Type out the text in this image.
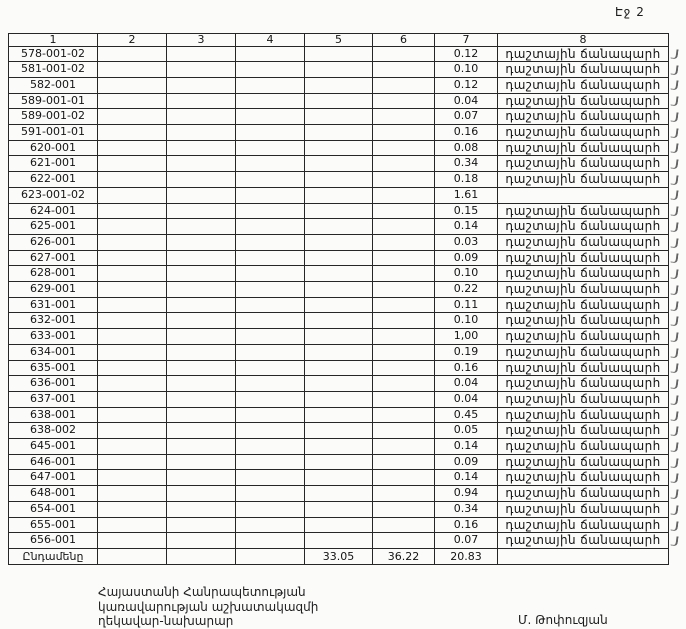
Էջ 2
1	2	3	4	5	6	7	8
578-001-02						0.12	դաշտային ճանապարհ
581-001-02						0.10	դաշտային ճանապարհ
582-001						0.12	դաշտային ճանապարհ
589-001-01						0.04	դաշտային ճանապարհ
589-001-02						0.07	դաշտային ճանապարհ
591-001-01						0.16	դաշտային ճանապարհ
620-001						0.08	դաշտային ճանապարհ
621-001						0.34	դաշտային ճանապարհ
622-001						0.18	դաշտային ճանապարհ
623-001-02						1.61	
624-001						0.15	դաշտային ճանապարհ
625-001						0.14	դաշտային ճանապարհ
626-001						0.03	դաշտային ճանապարհ
627-001						0.09	դաշտային ճանապարհ
628-001						0.10	դաշտային ճանապարհ
629-001						0.22	դաշտային ճանապարհ
631-001						0.11	դաշտային ճանապարհ
632-001						0.10	դաշտային ճանապարհ
633-001						1,00	դաշտային ճանապարհ
634-001						0.19	դաշտային ճանապարհ
635-001						0.16	դաշտային ճանապարհ
636-001						0.04	դաշտային ճանապարհ
637-001						0.04	դաշտային ճանապարհ
638-001						0.45	դաշտային ճանապարհ
638-002						0.05	դաշտային ճանապարհ
645-001						0.14	դաշտային ճանապարհ
646-001						0.09	դաշտային ճանապարհ
647-001						0.14	դաշտային ճանապարհ
648-001						0.94	դաշտային ճանապարհ
654-001						0.34	դաշտային ճանապարհ
655-001						0.16	դաշտային ճանապարհ
656-001						0.07	դաշտային ճանապարհ
Ընդամենը				33.05	36.22	20.83	
Հայաստանի Հանրապետության
կառավարության աշխատակազմի
ղեկավար-նախարար	Մ. Թոփուզյան
